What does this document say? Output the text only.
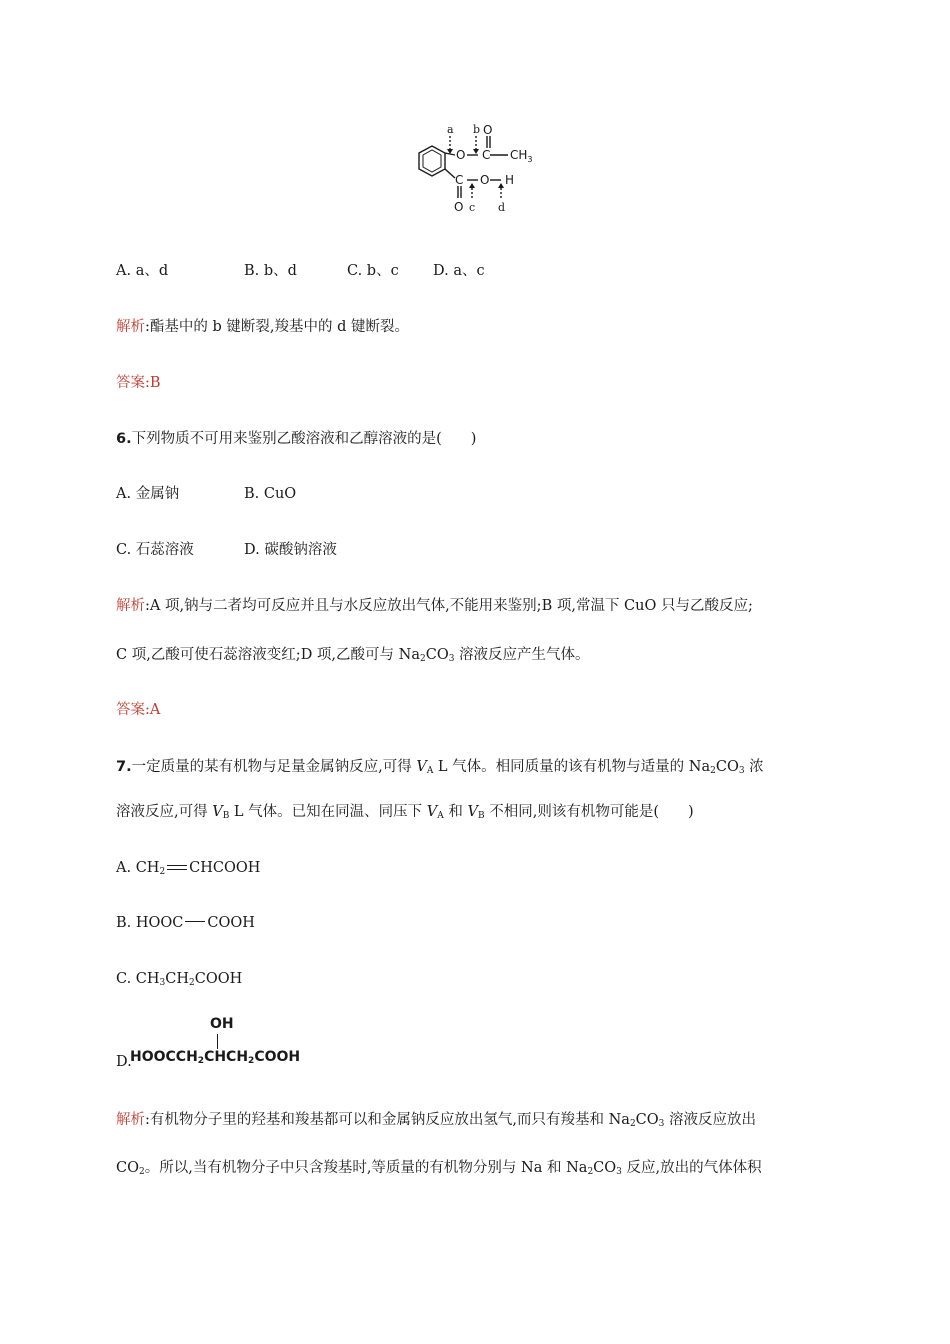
a b
c d
O C
O
$CH_3$
C O H
O
A. a、d	B. b、d	C. b、c D. a、c
解析:酯基中的 b 键断裂,羧基中的 d 键断裂。
答案:B
6.下列物质不可用来鉴别乙酸溶液和乙醇溶液的是(　　)
A. 金属钠	B. CuO
C. 石蕊溶液	D. 碳酸钠溶液
解析:A 项,钠与二者均可反应并且与水反应放出气体,不能用来鉴别;B 项,常温下 CuO 只与乙酸反应;
C 项,乙酸可使石蕊溶液变红;D 项,乙酸可与 $Na_2CO_3$ 溶液反应产生气体。
答案:A
7.一定质量的某有机物与足量金属钠反应,可得 $V_A$ L 气体。相同质量的该有机物与适量的 $Na_2CO_3$ 浓
溶液反应,可得 $V_B$ L 气体。已知在同温、同压下 $V_A$ 和 $V_B$ 不相同,则该有机物可能是(　　)
A. $CH_2$ CHCOOH
B. HOOC COOH
C. $CH_3CH_2COOH$
D.
OH
$HOOCCH_2CHCH_2COOH$
解析:有机物分子里的羟基和羧基都可以和金属钠反应放出氢气,而只有羧基和 $Na_2CO_3$ 溶液反应放出
$CO_2$。所以,当有机物分子中只含羧基时,等质量的有机物分别与 Na 和 $Na_2CO_3$ 反应,放出的气体体积
